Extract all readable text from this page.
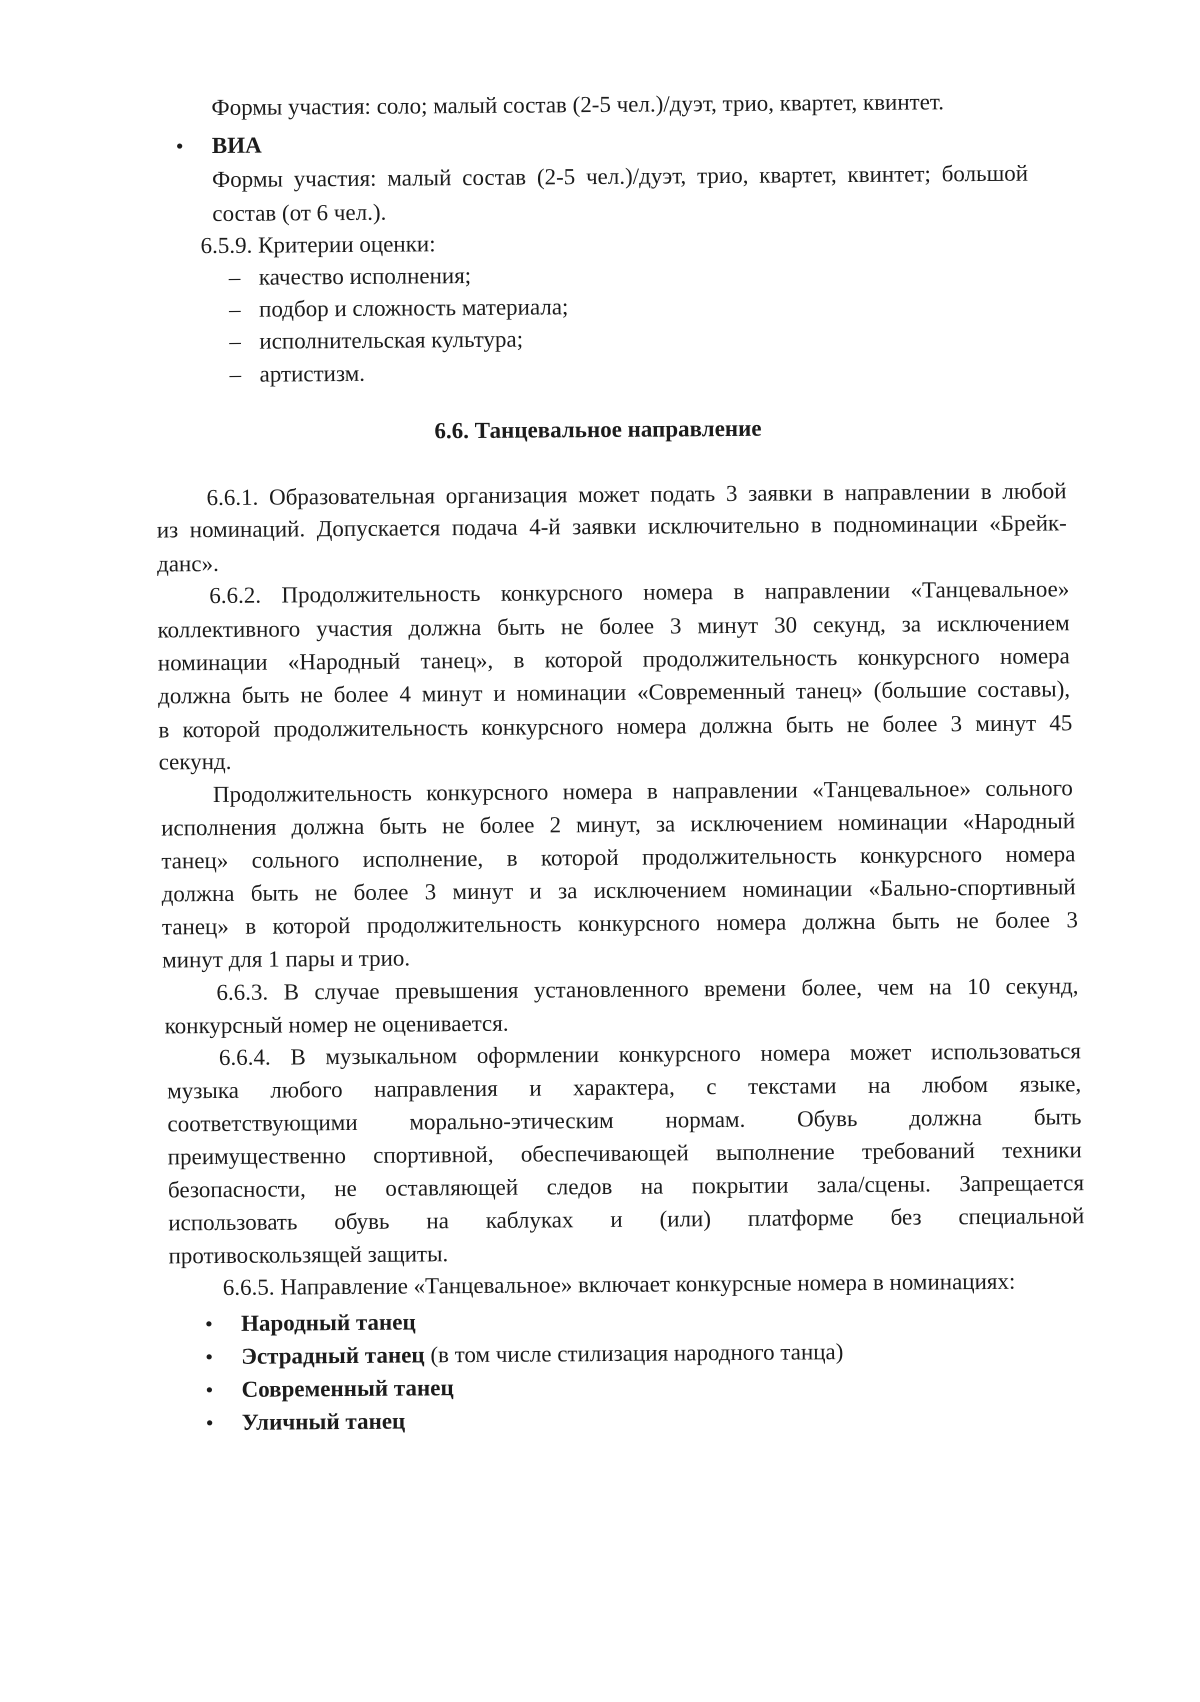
Формы участия: соло; малый состав (2-5 чел.)/дуэт, трио, квартет, квинтет.
• ВИА
Формы участия: малый состав (2-5 чел.)/дуэт, трио, квартет, квинтет; большой
состав (от 6 чел.).
6.5.9. Критерии оценки:
– качество исполнения;
– подбор и сложность материала;
– исполнительская культура;
– артистизм.
6.6. Танцевальное направление
6.6.1. Образовательная организация может подать 3 заявки в направлении в любой
из номинаций. Допускается подача 4-й заявки исключительно в подноминации «Брейк-
данс».
6.6.2. Продолжительность конкурсного номера в направлении «Танцевальное»
коллективного участия должна быть не более 3 минут 30 секунд, за исключением
номинации «Народный танец», в которой продолжительность конкурсного номера
должна быть не более 4 минут и номинации «Современный танец» (большие составы),
в которой продолжительность конкурсного номера должна быть не более 3 минут 45
секунд.
Продолжительность конкурсного номера в направлении «Танцевальное» сольного
исполнения должна быть не более 2 минут, за исключением номинации «Народный
танец» сольного исполнение, в которой продолжительность конкурсного номера
должна быть не более 3 минут и за исключением номинации «Бально-спортивный
танец» в которой продолжительность конкурсного номера должна быть не более 3
минут для 1 пары и трио.
6.6.3. В случае превышения установленного времени более, чем на 10 секунд,
конкурсный номер не оценивается.
6.6.4. В музыкальном оформлении конкурсного номера может использоваться
музыка любого направления и характера, с текстами на любом языке,
соответствующими морально-этическим нормам. Обувь должна быть
преимущественно спортивной, обеспечивающей выполнение требований техники
безопасности, не оставляющей следов на покрытии зала/сцены. Запрещается
использовать обувь на каблуках и (или) платформе без специальной
противоскользящей защиты.
6.6.5. Направление «Танцевальное» включает конкурсные номера в номинациях:
• Народный танец
• Эстрадный танец (в том числе стилизация народного танца)
• Современный танец
• Уличный танец
